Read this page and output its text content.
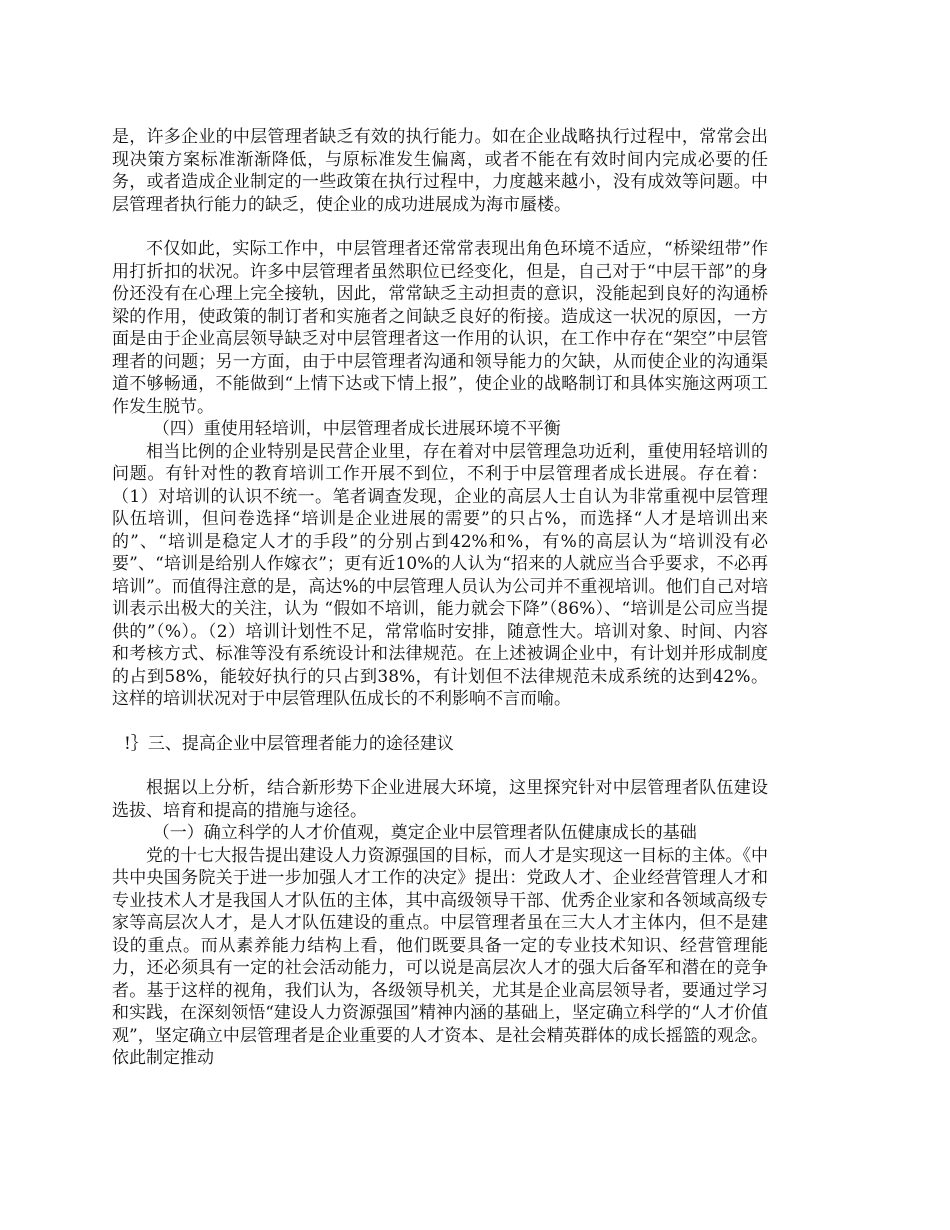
是，许多企业的中层管理者缺乏有效的执行能力。如在企业战略执行过程中，常常会出现决策方案标准渐渐降低，与原标准发生偏离，或者不能在有效时间内完成必要的任务，或者造成企业制定的一些政策在执行过程中，力度越来越小，没有成效等问题。中层管理者执行能力的缺乏，使企业的成功进展成为海市蜃楼。

不仅如此，实际工作中，中层管理者还常常表现出角色环境不适应，“桥梁纽带”作用打折扣的状况。许多中层管理者虽然职位已经变化，但是，自己对于“中层干部”的身份还没有在心理上完全接轨，因此，常常缺乏主动担责的意识，没能起到良好的沟通桥梁的作用，使政策的制订者和实施者之间缺乏良好的衔接。造成这一状况的原因，一方面是由于企业高层领导缺乏对中层管理者这一作用的认识，在工作中存在“架空”中层管理者的问题；另一方面，由于中层管理者沟通和领导能力的欠缺，从而使企业的沟通渠道不够畅通，不能做到“上情下达或下情上报”，使企业的战略制订和具体实施这两项工作发生脱节。

（四）重使用轻培训，中层管理者成长进展环境不平衡

相当比例的企业特别是民营企业里，存在着对中层管理急功近利，重使用轻培训的问题。有针对性的教育培训工作开展不到位，不利于中层管理者成长进展。存在着：（1）对培训的认识不统一。笔者调查发现，企业的高层人士自认为非常重视中层管理队伍培训，但问卷选择“培训是企业进展的需要”的只占%，而选择“人才是培训出来的”、“培训是稳定人才的手段”的分别占到42%和%，有%的高层认为“培训没有必要”、“培训是给别人作嫁衣”；更有近10%的人认为“招来的人就应当合乎要求，不必再培训”。而值得注意的是，高达%的中层管理人员认为公司并不重视培训。他们自己对培训表示出极大的关注，认为 “假如不培训，能力就会下降”（86%）、“培训是公司应当提供的”（%）。（2）培训计划性不足，常常临时安排，随意性大。培训对象、时间、内容和考核方式、标准等没有系统设计和法律规范。在上述被调企业中，有计划并形成制度的占到58%，能较好执行的只占到38%，有计划但不法律规范未成系统的达到42%。这样的培训状况对于中层管理队伍成长的不利影响不言而喻。

!｝三、提高企业中层管理者能力的途径建议

根据以上分析，结合新形势下企业进展大环境，这里探究针对中层管理者队伍建设选拔、培育和提高的措施与途径。

（一）确立科学的人才价值观，奠定企业中层管理者队伍健康成长的基础

党的十七大报告提出建设人力资源强国的目标，而人才是实现这一目标的主体。《中共中央国务院关于进一步加强人才工作的决定》提出：党政人才、企业经营管理人才和专业技术人才是我国人才队伍的主体，其中高级领导干部、优秀企业家和各领域高级专家等高层次人才，是人才队伍建设的重点。中层管理者虽在三大人才主体内，但不是建设的重点。而从素养能力结构上看，他们既要具备一定的专业技术知识、经营管理能力，还必须具有一定的社会活动能力，可以说是高层次人才的强大后备军和潜在的竞争者。基于这样的视角，我们认为，各级领导机关，尤其是企业高层领导者，要通过学习和实践，在深刻领悟“建设人力资源强国”精神内涵的基础上，坚定确立科学的“人才价值观”，坚定确立中层管理者是企业重要的人才资本、是社会精英群体的成长摇篮的观念。依此制定推动
